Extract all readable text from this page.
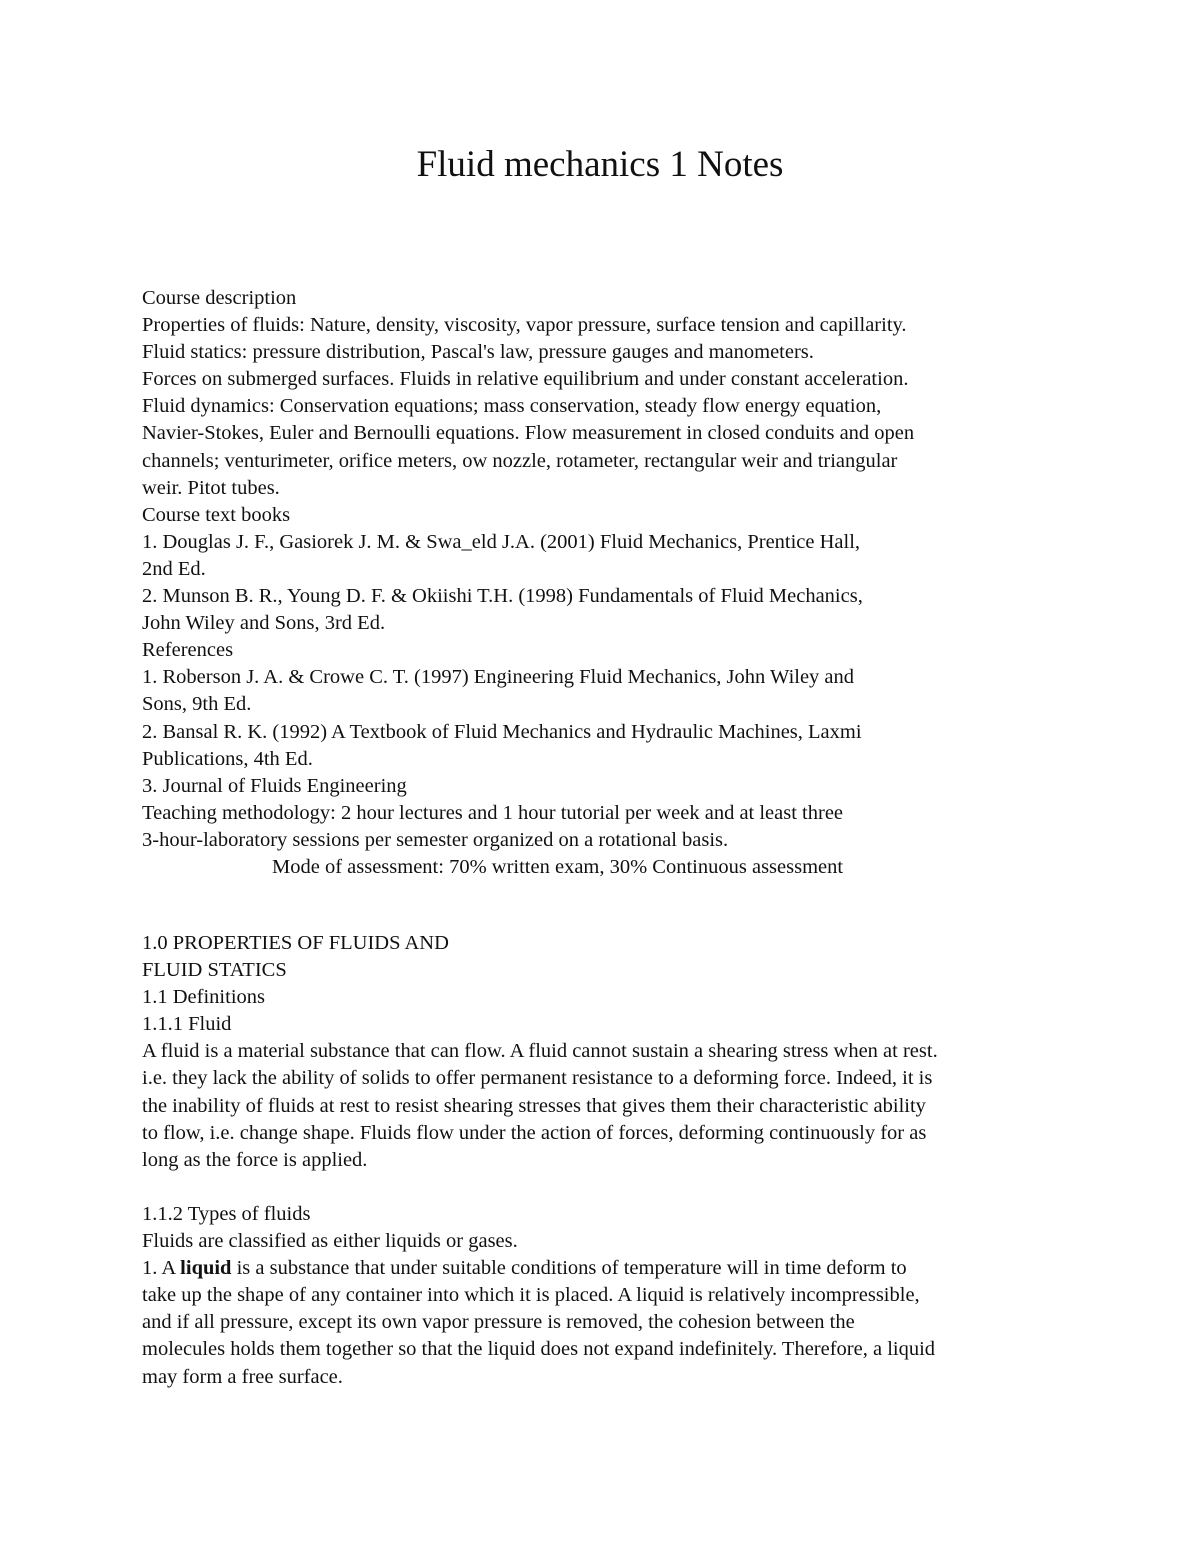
Fluid mechanics 1 Notes
Course description
Properties of fluids: Nature, density, viscosity, vapor pressure, surface tension and capillarity.
Fluid statics: pressure distribution, Pascal's law, pressure gauges and manometers.
Forces on submerged surfaces. Fluids in relative equilibrium and under constant acceleration.
Fluid dynamics: Conservation equations; mass conservation, steady flow energy equation,
Navier-Stokes, Euler and Bernoulli equations. Flow measurement in closed conduits and open
channels; venturimeter, orifice meters, ow nozzle, rotameter, rectangular weir and triangular
weir. Pitot tubes.
Course text books
1. Douglas J. F., Gasiorek J. M. & Swa_eld J.A. (2001) Fluid Mechanics, Prentice Hall,
2nd Ed.
2. Munson B. R., Young D. F. & Okiishi T.H. (1998) Fundamentals of Fluid Mechanics,
John Wiley and Sons, 3rd Ed.
References
1. Roberson J. A. & Crowe C. T. (1997) Engineering Fluid Mechanics, John Wiley and
Sons, 9th Ed.
2. Bansal R. K. (1992) A Textbook of Fluid Mechanics and Hydraulic Machines, Laxmi
Publications, 4th Ed.
3. Journal of Fluids Engineering
Teaching methodology: 2 hour lectures and 1 hour tutorial per week and at least three
3-hour-laboratory sessions per semester organized on a rotational basis.
Mode of assessment: 70% written exam, 30% Continuous assessment
1.0 PROPERTIES OF FLUIDS AND
FLUID STATICS
1.1 Definitions
1.1.1 Fluid
A fluid is a material substance that can flow. A fluid cannot sustain a shearing stress when at rest.
i.e. they lack the ability of solids to offer permanent resistance to a deforming force. Indeed, it is
the inability of fluids at rest to resist shearing stresses that gives them their characteristic ability
to flow, i.e. change shape. Fluids flow under the action of forces, deforming continuously for as
long as the force is applied.
1.1.2 Types of fluids
Fluids are classified as either liquids or gases.
1. A liquid is a substance that under suitable conditions of temperature will in time deform to
take up the shape of any container into which it is placed. A liquid is relatively incompressible,
and if all pressure, except its own vapor pressure is removed, the cohesion between the
molecules holds them together so that the liquid does not expand indefinitely. Therefore, a liquid
may form a free surface.
